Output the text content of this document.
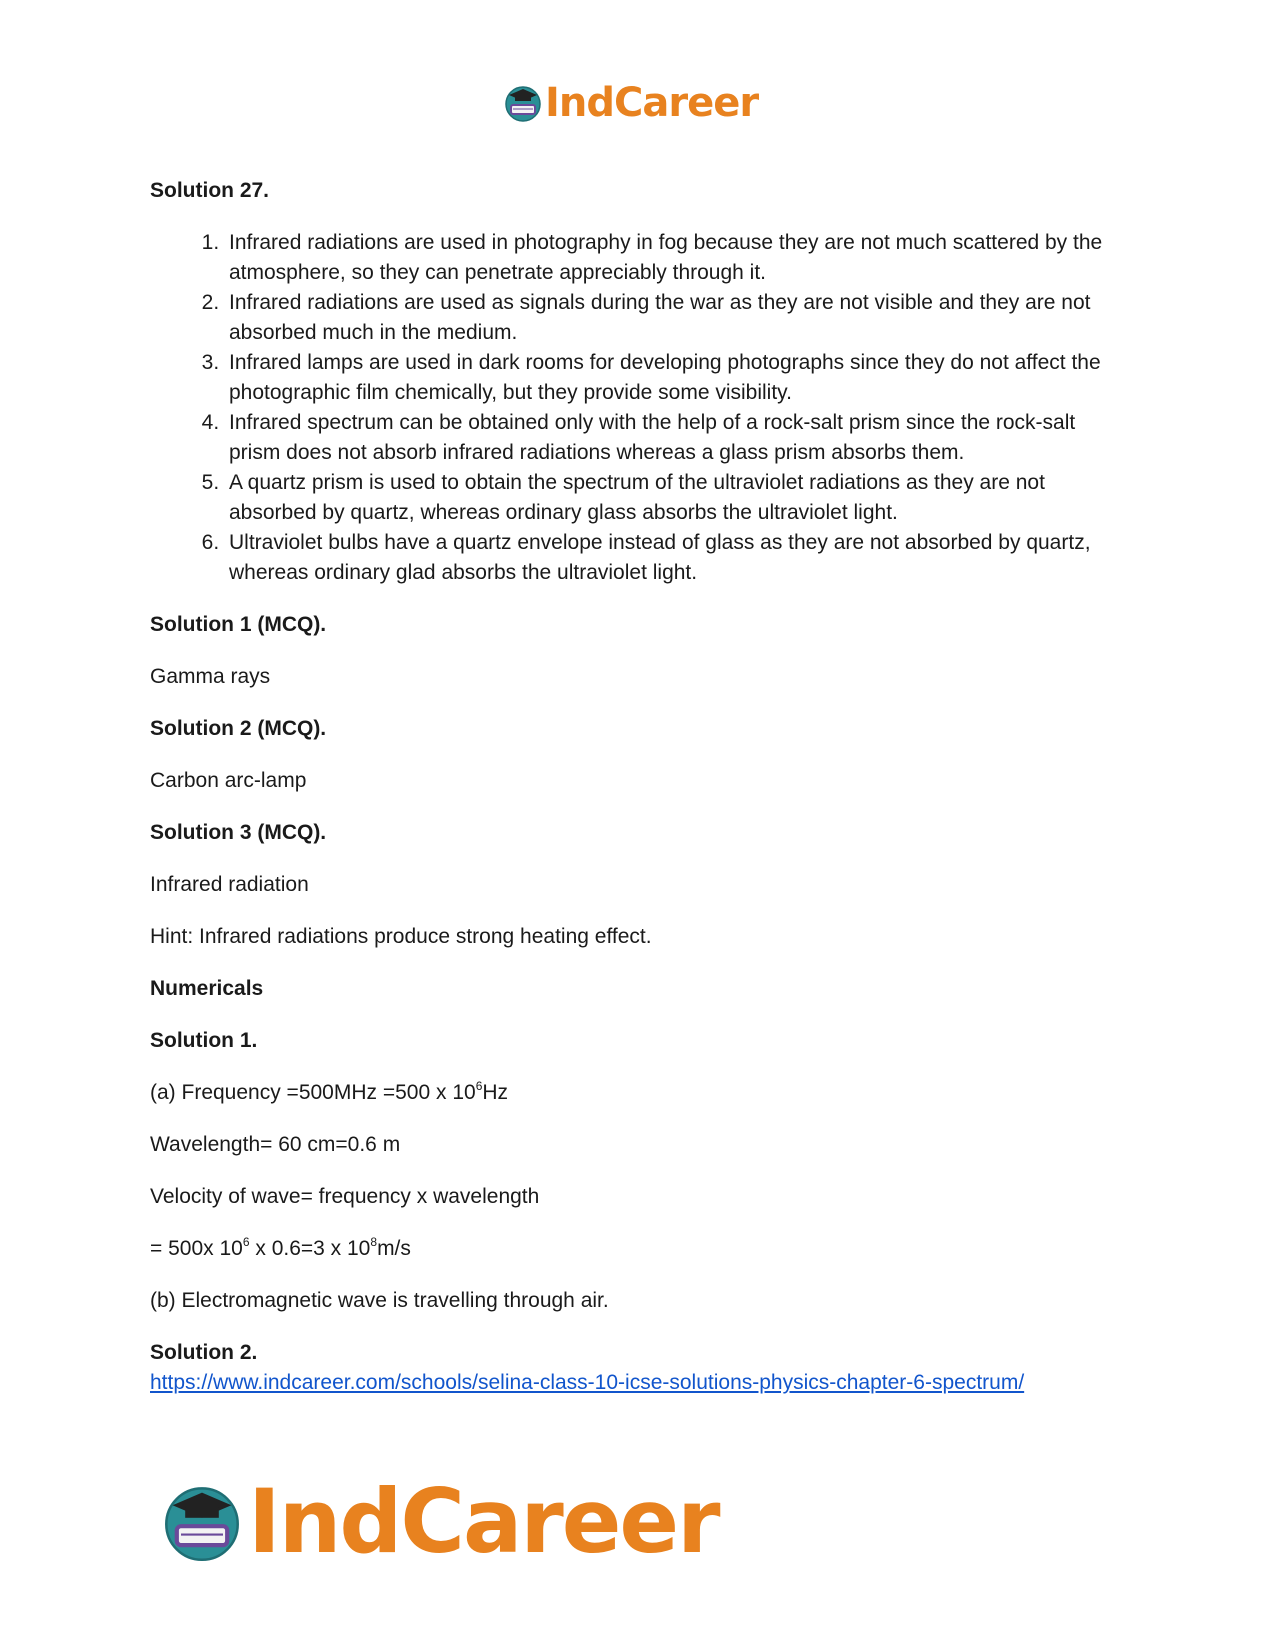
IndCareer
Solution 27.
1. Infrared radiations are used in photography in fog because they are not much scattered by the atmosphere, so they can penetrate appreciably through it.
2. Infrared radiations are used as signals during the war as they are not visible and they are not absorbed much in the medium.
3. Infrared lamps are used in dark rooms for developing photographs since they do not affect the photographic film chemically, but they provide some visibility.
4. Infrared spectrum can be obtained only with the help of a rock-salt prism since the rock-salt prism does not absorb infrared radiations whereas a glass prism absorbs them.
5. A quartz prism is used to obtain the spectrum of the ultraviolet radiations as they are not absorbed by quartz, whereas ordinary glass absorbs the ultraviolet light.
6. Ultraviolet bulbs have a quartz envelope instead of glass as they are not absorbed by quartz, whereas ordinary glad absorbs the ultraviolet light.
Solution 1 (MCQ).
Gamma rays
Solution 2 (MCQ).
Carbon arc-lamp
Solution 3 (MCQ).
Infrared radiation
Hint: Infrared radiations produce strong heating effect.
Numericals
Solution 1.
(a) Frequency =500MHz =500 x $10^6Hz$
Wavelength= 60 cm=0.6 m
Velocity of wave= frequency x wavelength
= 500x $10^6$ x 0.6=3 x $10^8m/s$
(b) Electromagnetic wave is travelling through air.
Solution 2.
https://www.indcareer.com/schools/selina-class-10-icse-solutions-physics-chapter-6-spectrum/
IndCareer
